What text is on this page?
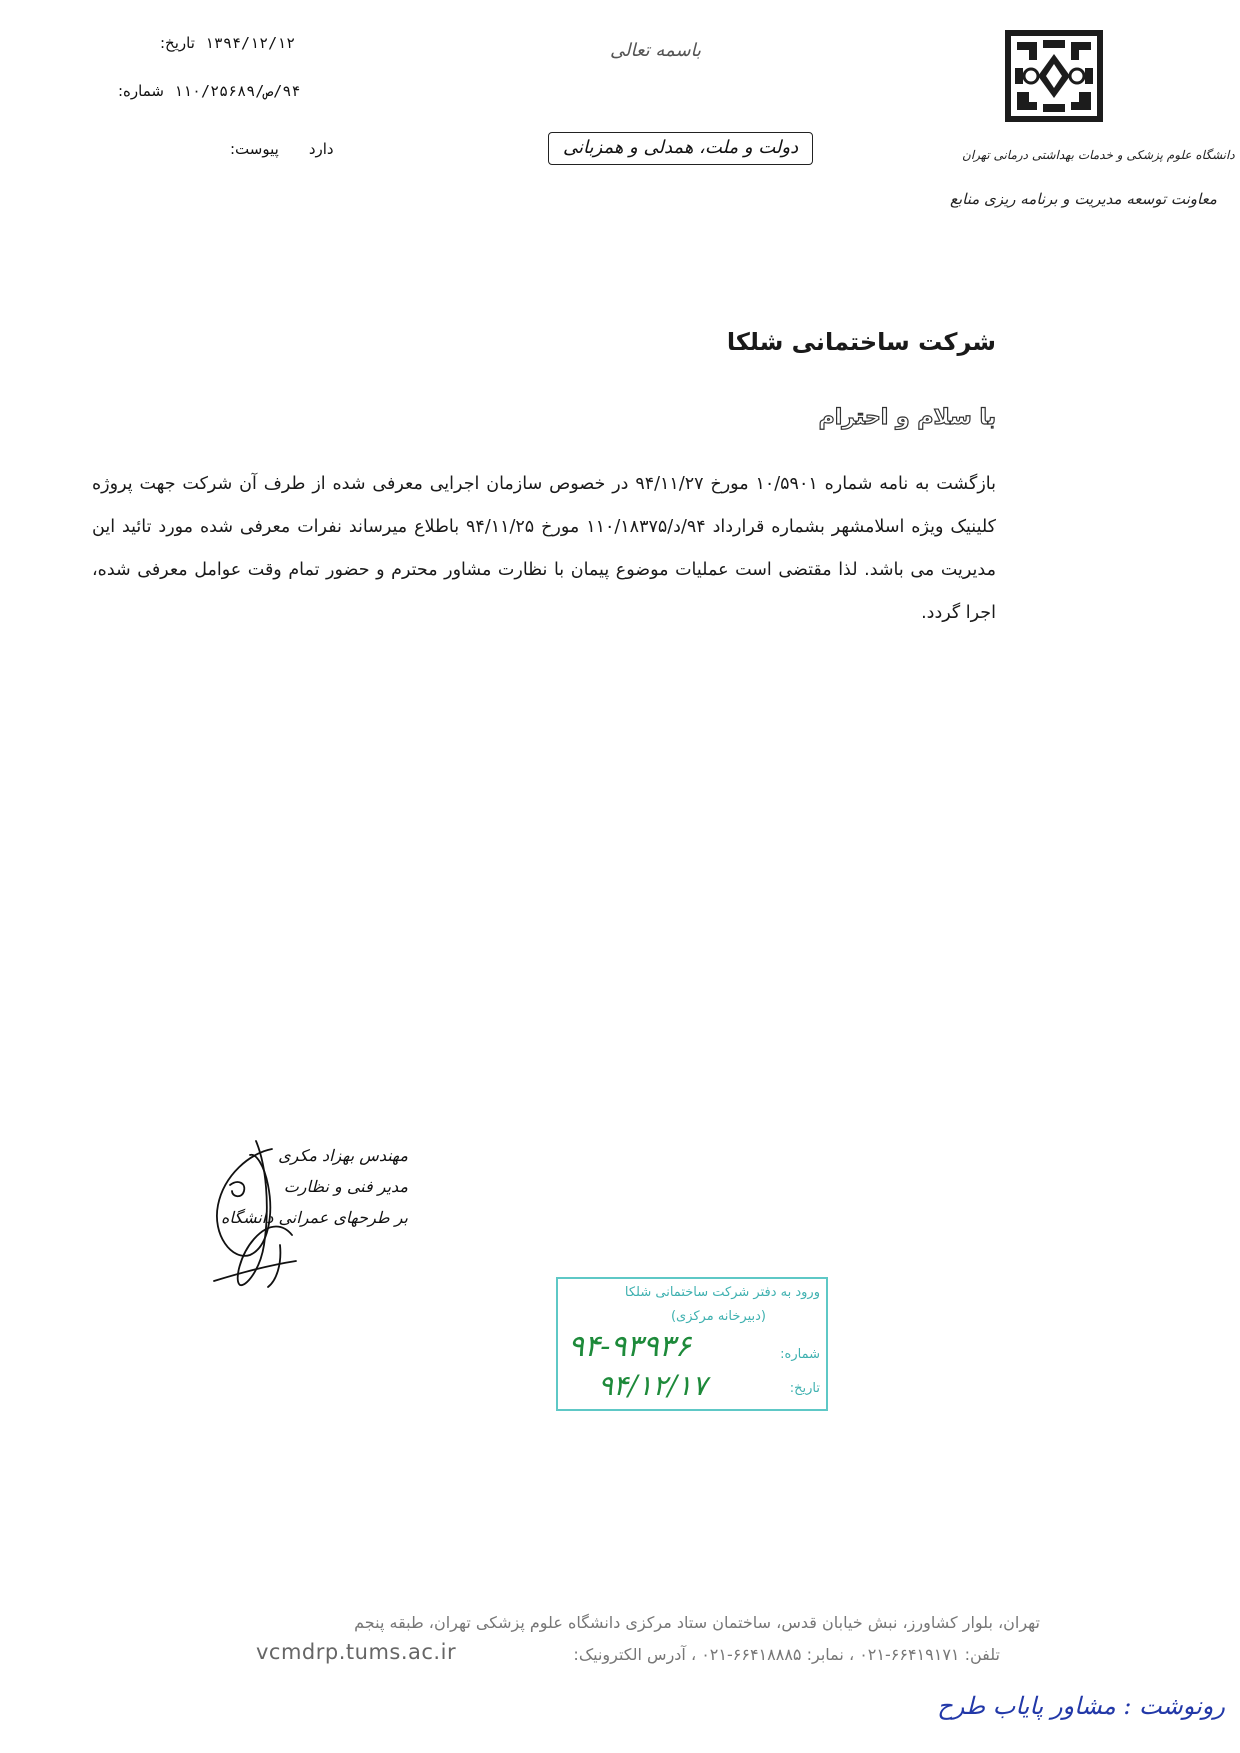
تاریخ: ۱۳۹۴/۱۲/۱۲
شماره: ۹۴/ص/۱۱۰/۲۵۶۸۹
پیوست: دارد
باسمه تعالی
دولت و ملت، همدلی و همزبانی	دانشگاه علوم پزشکی و خدمات بهداشتی درمانی تهران
معاونت توسعه مدیریت و برنامه ریزی منابع
شرکت ساختمانی شلکا
با سلام و احترام
بازگشت به نامه شماره ۱۰/۵۹۰۱ مورخ ۹۴/۱۱/۲۷ در خصوص سازمان اجرایی معرفی شده از طرف آن شرکت جهت پروژه کلینیک ویژه اسلامشهر بشماره قرارداد ۹۴/د/۱۱۰/۱۸۳۷۵ مورخ ۹۴/۱۱/۲۵ باطلاع میرساند نفرات معرفی شده مورد تائید این مدیریت می باشد. لذا مقتضی است عملیات موضوع پیمان با نظارت مشاور محترم و حضور تمام وقت عوامل معرفی شده، اجرا گردد.
مهندس بهزاد مکری
مدیر فنی و نظارت
بر طرحهای عمرانی دانشگاه
ورود به دفتر شرکت ساختمانی شلکا
(دبیرخانه مرکزی)
شماره:
تاریخ:
۹۴-۹۳۹۳۶
۹۴/۱۲/۱۷
تهران، بلوار کشاورز، نبش خیابان قدس، ساختمان ستاد مرکزی دانشگاه علوم پزشکی تهران، طبقه پنجم
تلفن: ۶۶۴۱۹۱۷۱-۰۲۱ ، نمابر: ۶۶۴۱۸۸۸۵-۰۲۱ ، آدرس الکترونیک:
vcmdrp.tums.ac.ir
رونوشت : مشاور پایاب طرح
